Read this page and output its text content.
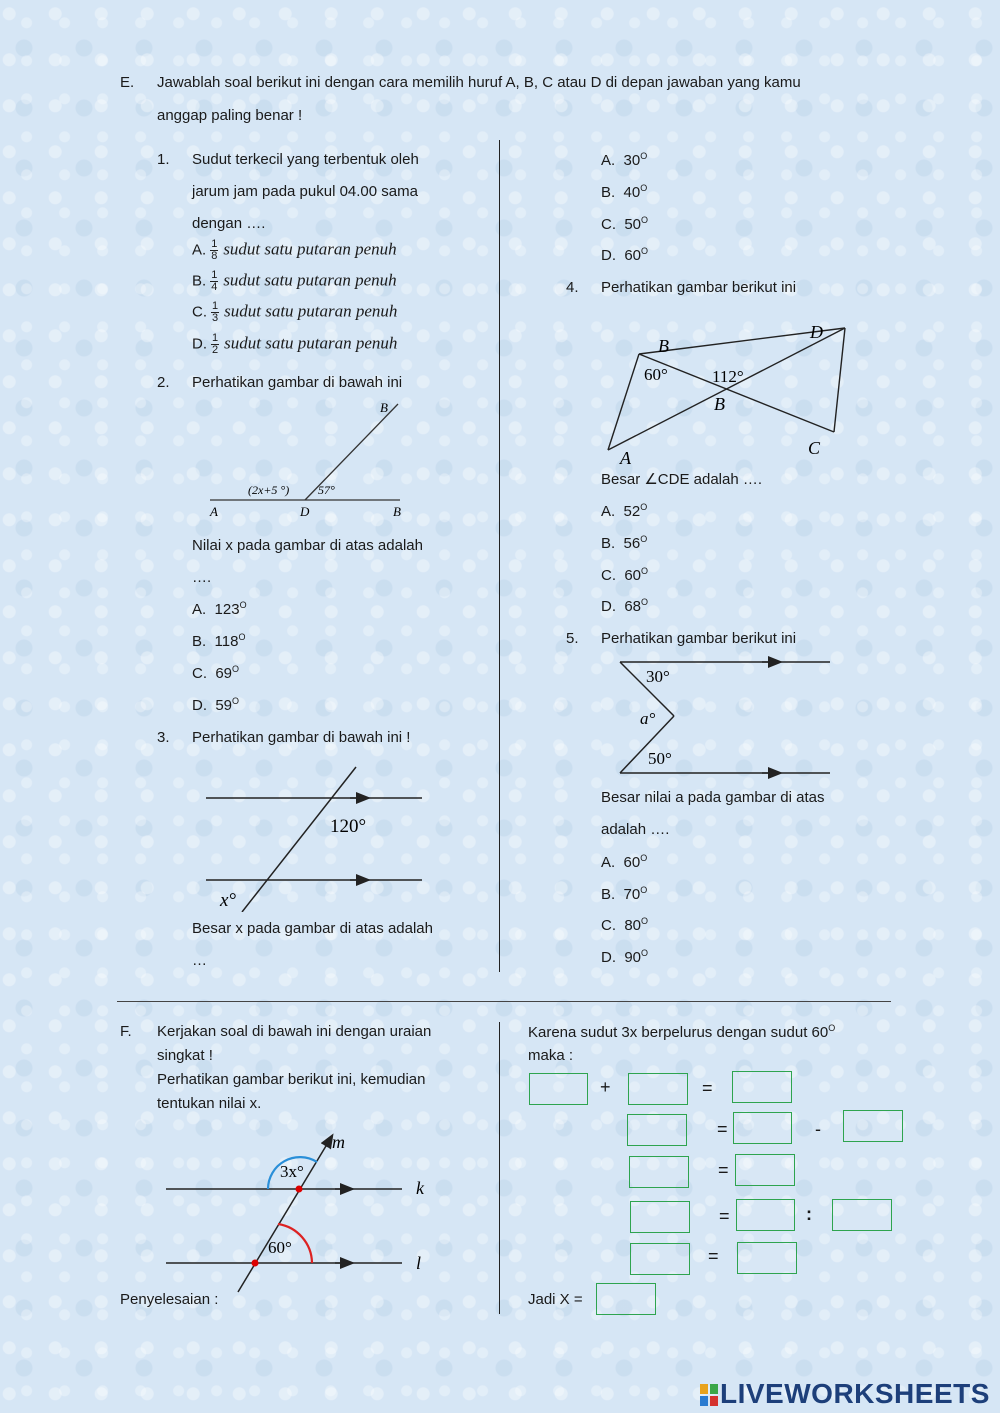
E. Jawablah soal berikut ini dengan cara memilih huruf A, B, C atau D di depan jawaban yang kamu
anggap paling benar !
1. Sudut terkecil yang terbentuk oleh
jarum jam pada pukul 04.00 sama
dengan ….
A. $\frac{1}{8}$ sudut satu putaran penuh
B. $\frac{1}{4}$ sudut satu putaran penuh
C. $\frac{1}{3}$ sudut satu putaran penuh
D. $\frac{1}{2}$ sudut satu putaran penuh
2. Perhatikan gambar di bawah ini
B
(2x+5 °) 57°
A	D	B
Nilai x pada gambar di atas adalah
….
A. $123^O$
B. $118^O$
C. $69^O$
D. $59^O$
3. Perhatikan gambar di bawah ini !
120°
x°
Besar x pada gambar di atas adalah
…
A. $30^O$
B. $40^O$
C. $50^O$
D. $60^O$
4. Perhatikan gambar berikut ini
B
D
60°	112°
B
C
A
Besar ∠CDE adalah ….
A. $52^O$
B. $56^O$
C. $60^O$
D. $68^O$
5. Perhatikan gambar berikut ini
30°
a°
50°
Besar nilai a pada gambar di atas
adalah ….
A. $60^O$
B. $70^O$
C. $80^O$
D. $90^O$
F. Kerjakan soal di bawah ini dengan uraian
singkat !
Perhatikan gambar berikut ini, kemudian
tentukan nilai x.
m
k
l
3x°
60°
Penyelesaian :
Karena sudut 3x berpelurus dengan sudut $60^O$
maka :
+	=
=	-
=
=	:
=
Jadi X =
LIVEWORKSHEETS
